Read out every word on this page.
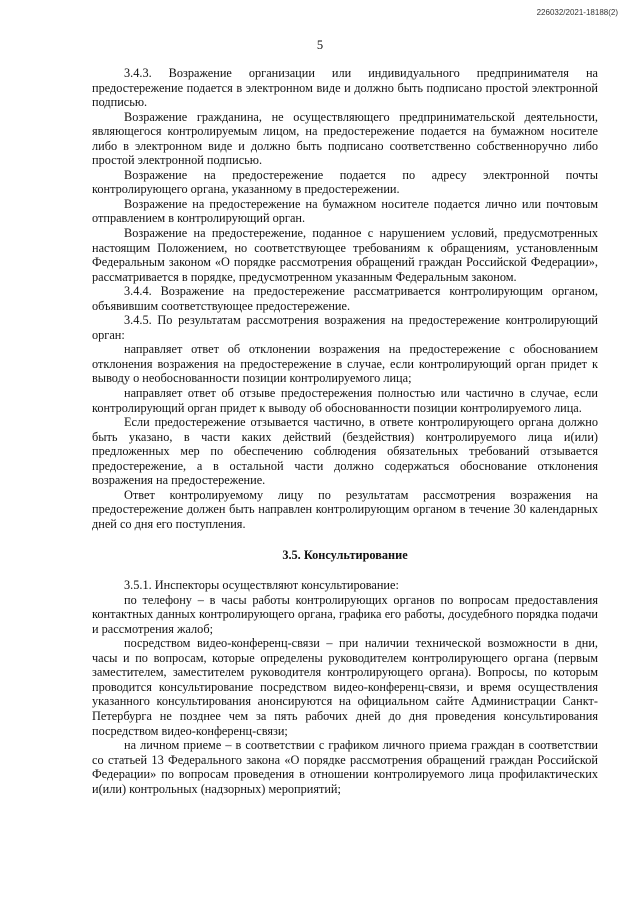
226032/2021-18188(2)
5

3.4.3. Возражение организации или индивидуального предпринимателя на предостережение подается в электронном виде и должно быть подписано простой электронной подписью.

Возражение гражданина, не осуществляющего предпринимательской деятельности, являющегося контролируемым лицом, на предостережение подается на бумажном носителе либо в электронном виде и должно быть подписано соответственно собственноручно либо простой электронной подписью.

Возражение на предостережение подается по адресу электронной почты контролирующего органа, указанному в предостережении.

Возражение на предостережение на бумажном носителе подается лично или почтовым отправлением в контролирующий орган.

Возражение на предостережение, поданное с нарушением условий, предусмотренных настоящим Положением, но соответствующее требованиям к обращениям, установленным Федеральным законом «О порядке рассмотрения обращений граждан Российской Федерации», рассматривается в порядке, предусмотренном указанным Федеральным законом.

3.4.4. Возражение на предостережение рассматривается контролирующим органом, объявившим соответствующее предостережение.

3.4.5. По результатам рассмотрения возражения на предостережение контролирующий орган:

направляет ответ об отклонении возражения на предостережение с обоснованием отклонения возражения на предостережение в случае, если контролирующий орган придет к выводу о необоснованности позиции контролируемого лица;

направляет ответ об отзыве предостережения полностью или частично в случае, если контролирующий орган придет к выводу об обоснованности позиции контролируемого лица.

Если предостережение отзывается частично, в ответе контролирующего органа должно быть указано, в части каких действий (бездействия) контролируемого лица и(или) предложенных мер по обеспечению соблюдения обязательных требований отзывается предостережение, а в остальной части должно содержаться обоснование отклонения возражения на предостережение.

Ответ контролируемому лицу по результатам рассмотрения возражения на предостережение должен быть направлен контролирующим органом в течение 30 календарных дней со дня его поступления.

3.5. Консультирование

3.5.1. Инспекторы осуществляют консультирование:

по телефону – в часы работы контролирующих органов по вопросам предоставления контактных данных контролирующего органа, графика его работы, досудебного порядка подачи и рассмотрения жалоб;

посредством видео-конференц-связи – при наличии технической возможности в дни, часы и по вопросам, которые определены руководителем контролирующего органа (первым заместителем, заместителем руководителя контролирующего органа). Вопросы, по которым проводится консультирование посредством видео-конференц-связи, и время осуществления указанного консультирования анонсируются на официальном сайте Администрации Санкт-Петербурга не позднее чем за пять рабочих дней до дня проведения консультирования посредством видео-конференц-связи;

на личном приеме – в соответствии с графиком личного приема граждан в соответствии со статьей 13 Федерального закона «О порядке рассмотрения обращений граждан Российской Федерации» по вопросам проведения в отношении контролируемого лица профилактических и(или) контрольных (надзорных) мероприятий;
